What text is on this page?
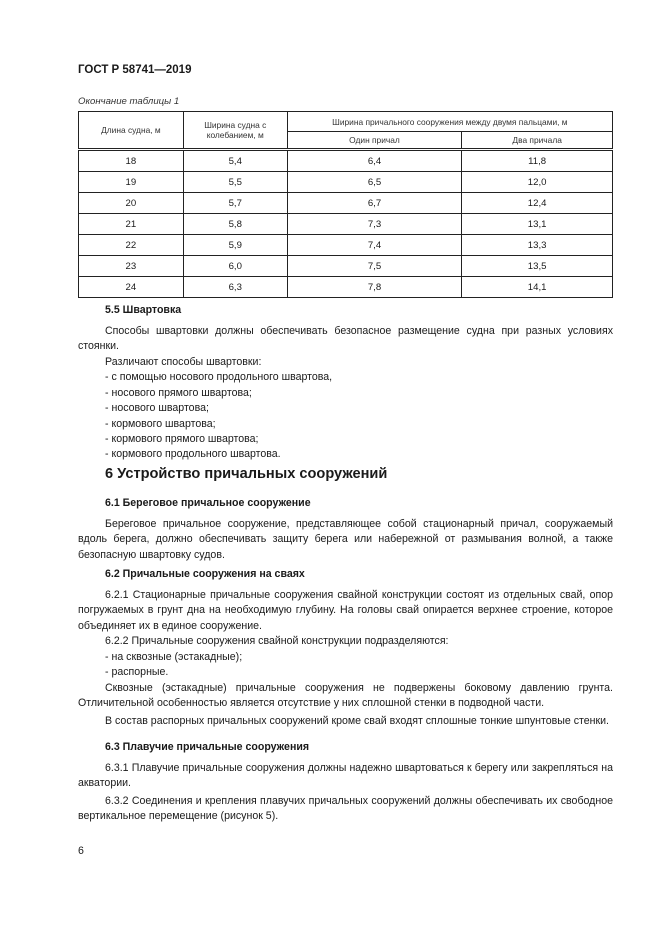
ГОСТ Р 58741—2019
Окончание таблицы 1
Длина судна, м	Ширина судна с колебанием, м	Ширина причального сооружения между двумя пальцами, м	
		Один причал	Два причала
18	5,4	6,4	11,8
19	5,5	6,5	12,0
20	5,7	6,7	12,4
21	5,8	7,3	13,1
22	5,9	7,4	13,3
23	6,0	7,5	13,5
24	6,3	7,8	14,1

5.5 Швартовка

Способы швартовки должны обеспечивать безопасное размещение судна при разных условиях стоянки.

Различают способы швартовки:

- с помощью носового продольного швартова,

- носового прямого швартова;

- носового швартова;

- кормового швартова;

- кормового прямого швартова;

- кормового продольного швартова.

6 Устройство причальных сооружений

6.1 Береговое причальное сооружение

Береговое причальное сооружение, представляющее собой стационарный причал, сооружаемый вдоль берега, должно обеспечивать защиту берега или набережной от размывания волной, а также безопасную швартовку судов.

6.2 Причальные сооружения на сваях

6.2.1 Стационарные причальные сооружения свайной конструкции состоят из отдельных свай, опор погружаемых в грунт дна на необходимую глубину. На головы свай опирается верхнее строение, которое объединяет их в единое сооружение.

6.2.2 Причальные сооружения свайной конструкции подразделяются:

- на сквозные (эстакадные);

- распорные.

Сквозные (эстакадные) причальные сооружения не подвержены боковому давлению грунта. Отличительной особенностью является отсутствие у них сплошной стенки в подводной части.

В состав распорных причальных сооружений кроме свай входят сплошные тонкие шпунтовые стенки.

6.3 Плавучие причальные сооружения

6.3.1 Плавучие причальные сооружения должны надежно швартоваться к берегу или закрепляться на акватории.

6.3.2 Соединения и крепления плавучих причальных сооружений должны обеспечивать их свободное вертикальное перемещение (рисунок 5).

6
